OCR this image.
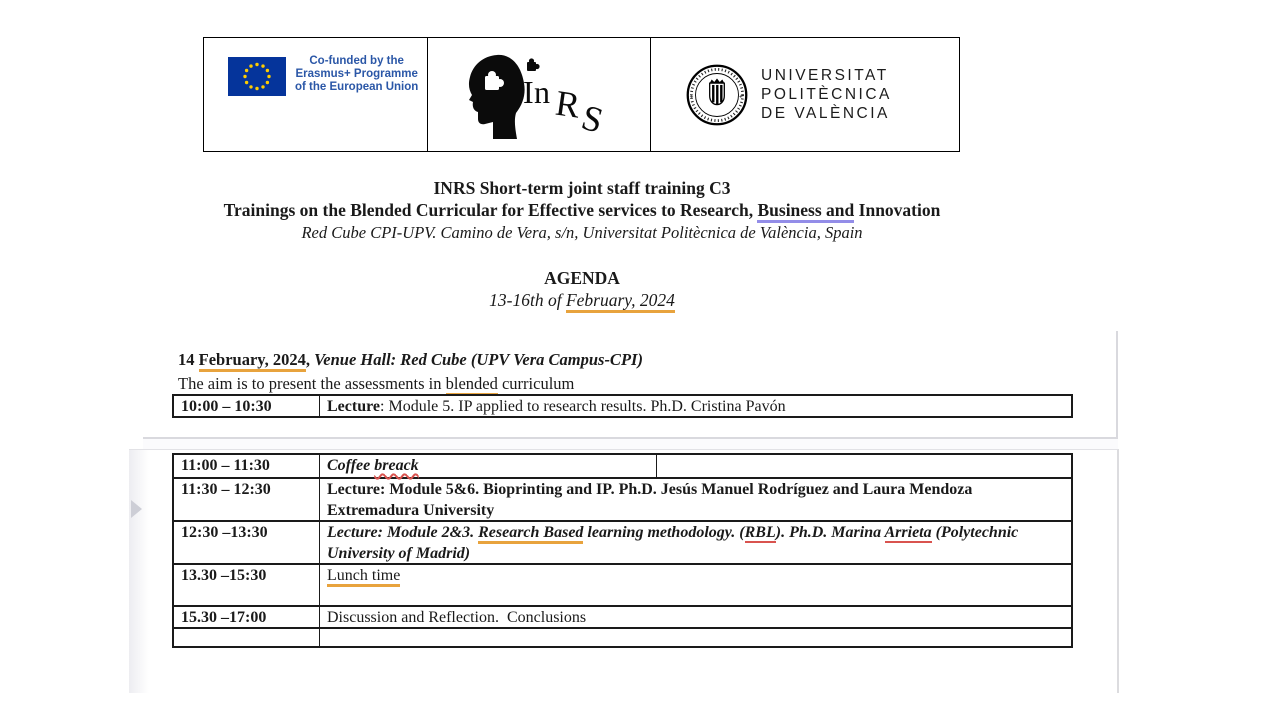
Co-funded by the
Erasmus+ Programme
of the European Union	I n R
S	+	+
UNIVERSITAT
POLITÈCNICA
DE VALÈNCIA
INRS Short-term joint staff training C3
Trainings on the Blended Curricular for Effective services to Research, Business and Innovation
Red Cube CPI-UPV. Camino de Vera, s/n, Universitat Politècnica de València, Spain
AGENDA
13-16th of February, 2024
14 February, 2024, Venue Hall: Red Cube (UPV Vera Campus-CPI)
The aim is to present the assessments in blended curriculum
10:00 – 10:30	Lecture: Module 5. IP applied to research results. Ph.D. Cristina Pavón
11:00 – 11:30	Coffee breack
11:30 – 12:30	Lecture: Module 5&6. Bioprinting and IP. Ph.D. Jesús Manuel Rodríguez and Laura Mendoza Extremadura University
12:30 –13:30	Lecture: Module 2&3. Research Based learning methodology. (RBL). Ph.D. Marina Arrieta (Polytechnic University of Madrid)
13.30 –15:30	Lunch time
15.30 –17:00	Discussion and Reflection.  Conclusions
